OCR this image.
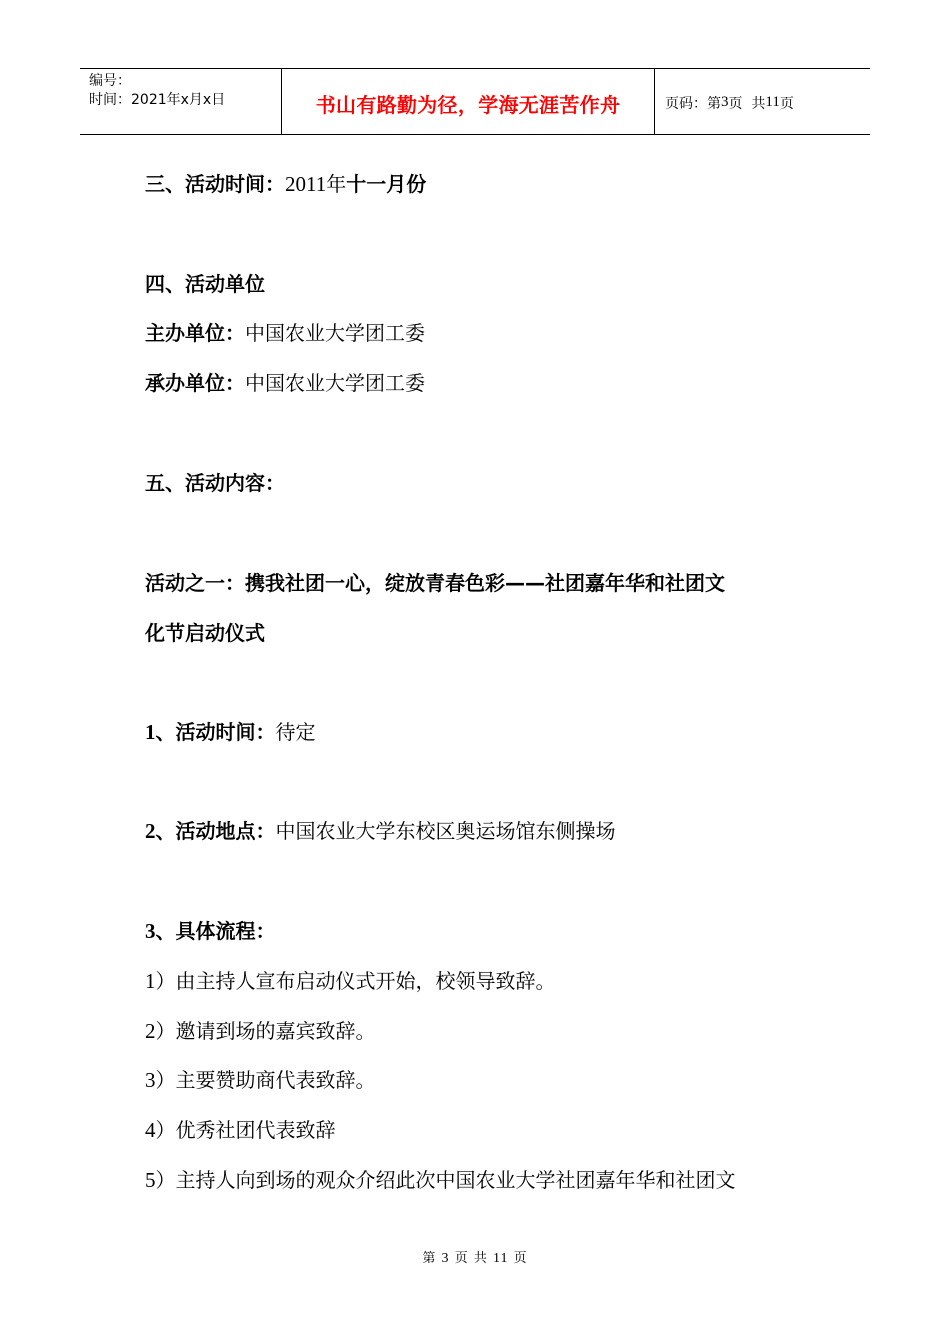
编号：
时间：2021年x月x日	书山有路勤为径，学海无涯苦作舟	页码：第 3 页  共 11 页
三、活动时间：2011年十一月份
四、活动单位
主办单位：中国农业大学团工委
承办单位：中国农业大学团工委
五、活动内容：
活动之一：携我社团一心，绽放青春色彩——社团嘉年华和社团文
化节启动仪式
1、活动时间：待定
2、活动地点：中国农业大学东校区奥运场馆东侧操场
3、具体流程：
1）由主持人宣布启动仪式开始，校领导致辞。
2）邀请到场的嘉宾致辞。
3）主要赞助商代表致辞。
4）优秀社团代表致辞
5）主持人向到场的观众介绍此次中国农业大学社团嘉年华和社团文
第 3 页 共 11 页
